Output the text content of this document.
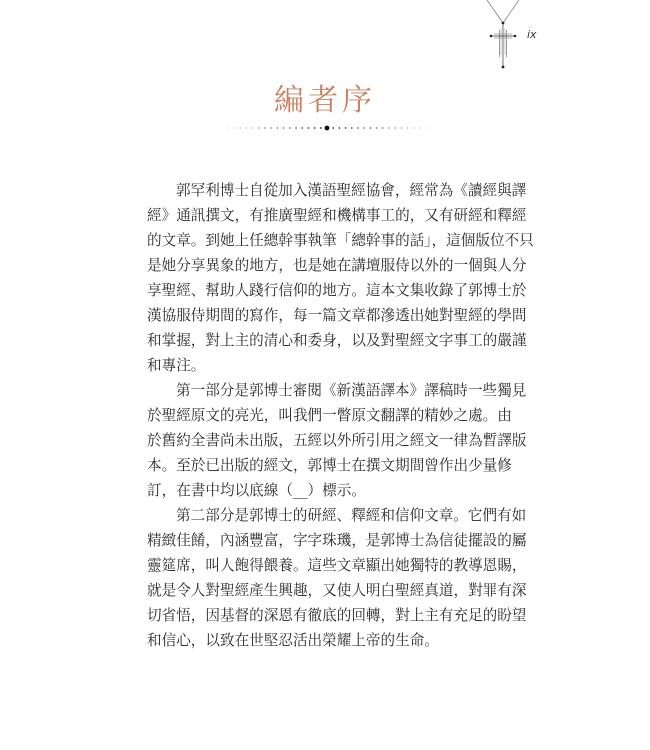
ix
編者序
郭罕利博士自從加入漢語聖經協會，經常為《讀經與譯
經》通訊撰文，有推廣聖經和機構事工的，又有研經和釋經
的文章。到她上任總幹事執筆「總幹事的話」，這個版位不只
是她分享異象的地方，也是她在講壇服侍以外的一個與人分
享聖經、幫助人踐行信仰的地方。這本文集收錄了郭博士於
漢協服侍期間的寫作，每一篇文章都滲透出她對聖經的學問
和掌握，對上主的清心和委身，以及對聖經文字事工的嚴謹
和專注。
第一部分是郭博士審閱《新漢語譯本》譯稿時一些獨見
於聖經原文的亮光，叫我們一瞥原文翻譯的精妙之處。由
於舊約全書尚未出版，五經以外所引用之經文一律為暫譯版
本。至於已出版的經文，郭博士在撰文期間曾作出少量修
訂，在書中均以底線（__）標示。
第二部分是郭博士的研經、釋經和信仰文章。它們有如
精緻佳餚，內涵豐富，字字珠璣，是郭博士為信徒擺設的屬
靈筵席，叫人飽得餵養。這些文章顯出她獨特的教導恩賜，
就是令人對聖經產生興趣，又使人明白聖經真道，對罪有深
切省悟，因基督的深恩有徹底的回轉，對上主有充足的盼望
和信心，以致在世堅忍活出榮耀上帝的生命。
